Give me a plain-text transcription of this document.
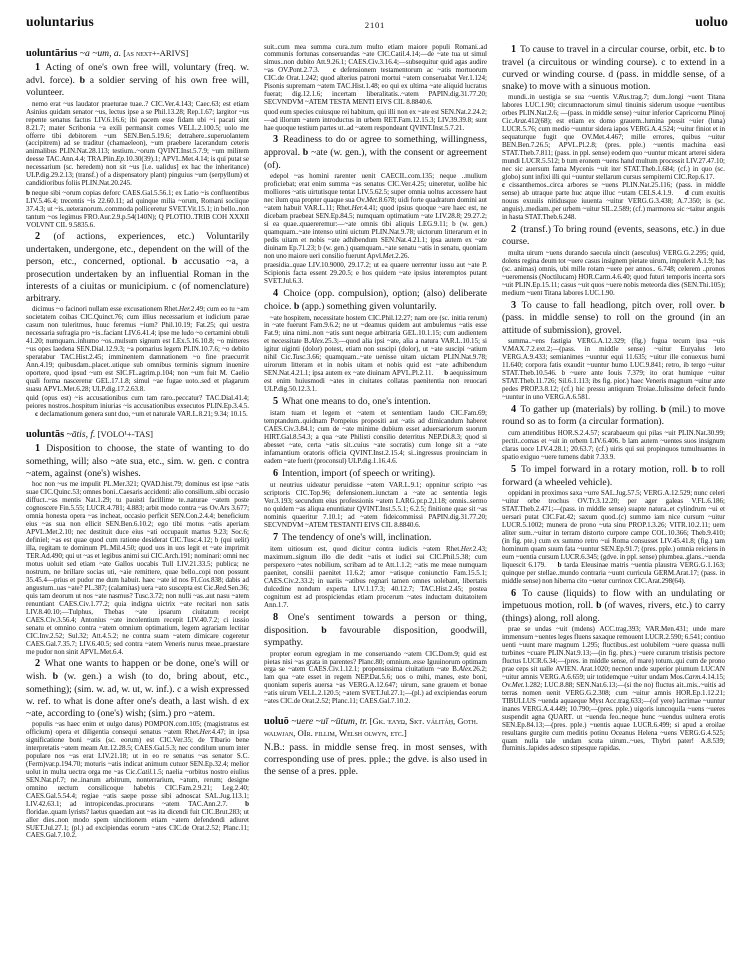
uoluntarius	uoluo
2101

uoluntārius ~a ~um, a. [as next+-ARIVS]

1 Acting of one's own free will, voluntary (freq. w. advl. force). b a soldier serving of his own free will, volunteer.

nemo erat ~us laudator praeturae tuae..? CIC.Ver.4.143; Caec.63; est etiam Asinius quidam senator ~us, lectus ipse a se Phil.13.28; Rep.1.67; largitor ~us repente senatus factus LIV.6.16.6; ibi pacem esse fidam ubi ~i pacati sint 8.21.7; mater Scribonia ~a exili permansit comes VELL.2.100.5; uolo me offerre tibi debitorem ~um SEN.Ben.5.19.6; detrahere..superuolantem (accipitrem) ad se traditur (chamaeleon), ~um praebere lacerandum ceteris animalibus PLIN.Nat.28.113; testium..~orum QVINT.Inst.5.7.9; ~um militem deesse TAC.Ann.4.4; TRA.Plin.Ep.10.30(39).1; APVL.Met.4.14; is qui putat se necessarium (sc. heredem) non sit ~us [i.e. ualidus] ex hac the inheritance) ULP.dig.29.2.13; (transf.) of a dispensatory plant) pinguius ~um (serpyllum) et candidioribus foliis PLIN.Nat.20.245.

b neque sibi ~orum copias deforc CAES.Gal.5.56.1; ex Latio ~is confluentibus LIV.5.46.4; trecentis ~is 22.60.11; ad quinque milia ~orum, Romani sociique 37.4.3; ut ~is..ueteranorum..commoda polliceretur SVET.Vit.15.1; in bello..non tantum ~os legimus FRO.Aur.2.9.p.54(140N); Q PLOTIO..TRIB COH XXXII VOLVNT CIL 9.5835.6.

2 (of actions, experiences, etc.) Voluntarily undertaken, undergone, etc., dependent on the will of the person, etc., concerned, optional. b accusatio ~a, a prosecution undertaken by an influential Roman in the interests of a ciuitas or municipium. c (of nomenclature) arbitrary.

dicimus ~o facinori nullam esse excusationem Rhet.Her.2.49; cum eo tu ~am societatem coibas CIC.Quinct.76; cum illius necessarium et iudicium parae casum non tuleritmus, huuc feremus ~ium? Phil.10.19; Fat.25; qui uestra necessaria sufragia pro ~is..faciant LIV.6.41.4; ipse me ludo ~o certamini obtuli 41.20; numquam..inhumo ~os..mulsum signum est LEx.5.16.10.8; ~o mitteres ~us opes laedena SEN.Dial.12.9.3; ~a pomarius legem PLIN.10.7.6; ~o debito speratabur TAC.Hist.2.45; imminentem damnationem ~o fine praecurrit Ann.4.19; quibusdam..placet..utique sub omnibus terminis signum inuenire oportere, quod ipsud ~um est SIC.FL.agrim.p.104; non ~um fuit M. Caelio quali forma nasceretur GEL.17.1.8; simul ~ae fugae uoto..sed et plagarum suasu APVL.Met.6.28; ULP.dig.17.2.63.8.

quid (opus est) ~is accusationibus cum tam raro..peccatur? TAC.Dial.41.4; peiores nostros..hospitum iniurias ~is accusationibus exsecutos PLIN.Ep.3.4.5. c declamationum genera sunt duo, ~um et naturale VAR.L.8.21; 9.34; 10.15.

uoluntās ~ātis, f. [VOLO¹+-TAS]

1 Disposition to choose, the state of wanting to do something, will; also ~ate sua, etc., sim. w. gen. c contra ~atem, against (one's) wishes.

hoc non ~us me impulit PL.Mer.321; QVAD.hist.79; dominus est ipse ~atis suae CIC.Quinc.53; omnes boni..Caesaris accidenti: alio consilium..sibi occasio diffuct..~as mentis Nat.1.29; tu pauisti facillime te..naturae ~atem poste cognoscere Fin.5.55; LUCR.4.781; 4.883; arbit modo contra ~as Ov.Ars 3.677; omnia honesta opera ~as incheat, occasio perficit SEN.Con.2.4.4; beneficium eius ~as sua non ellicit SEN.Ben.6.10.2; ego tibi motus ~atis aperiam APVL.Met.2.10; nec destituit duce eius ~ati occupauit martus 9.23; Soc.6; definiel; ~as est quae quod cum ratione desiderat CIC.Tusc.4.12; b (qui uelit) illa, regitam te dominum PL.Mil.4.50; quod uos in uos legit et ~ate imprimit TER.Ad.490; qui ut ~as et legibus animi sui CIC.Arch.191; nominari: omni nec motus uoluit sed etiam ~ate Gallos uocabis Tull LIV.21.33.5; publica; ne nostrum, ne brillare socias uti, ~aie remittere, quae bello..copi non possunt 35.45.4—prius et pudor me dum habuit. haec ~ate id nos Fl.Cos.838; dabis ad angustum..uas ~ate? PL.387; (calamitas) uera ~ato suscepta est Cic.Red.Sen.36; quis tam deorum ut nos ~ate nasmus? Tusc.3.72; non nulli ~as..aut nasu ~atem renuntiant CAES.Civ.1.77.2; quia indigna uictrix ~ate recitari non satis LIV.8.40.10;—Tulphus, Thebas ~ate ipsarum ciuitatum receipt CAES.Civ.3.56.4; Antonius ~ate incolentium recepit LIV.40.7.2; ci iussio senatu et omnino contra ~atem omnium optimatium, legem agrariam lectitar CIC.Inv.2.52; Sul.32; Att.4.5.2; ne contra suam ~atem dimicare cogeretur CAES.Gal.7.35.7; LIV.6.40.5; sed contra ~atem Veneris nurus meae..praestare me pudor non sinit APVL.Met.6.4.

2 What one wants to happen or be done, one's will or wish. b (w. gen.) a wish (to do, bring about, etc., something); (sim. w. ad, w. ut, w. inf.). c a wish expressed w. ref. to what is done after one's death, a last wish. d ex ~ate, according to (one's) wish; (sim.) pro ~atem.

populis ~as haec enim et uulgo datus) POMPON.com.105; (magistratus est officium) opera et diligentia consequi senatus ~atem Rhet.Her.4.47; in ipsa significatione boni ~atis (sc. eorum) est CIC.Ver.35; de Tlbario bene interpretatis ~atem meam Att.12.28.5; CAES.Gal.5.3; nec condilum unum inter populare nos ~as erat LIV.21.18; ut in eo re senatus ~as senator S.C.(Ferm)var.p.194.70; moturis ~atis indicat animum cutuor SEN.Ep.32.4; melior uolut in multa uectra orga me ~as Cic.Catil.1.5; naelia ~orbitus nostro eiulius SEN.Nat.pf.7; ne..inarum arbitrum, nonterrarium, ~atum, rerum; designe omnino uectum consilicoque habebis CIC.Fam.2.9.21; Leg.2.40; CAES.Gal.5.54.4; regiae ~atis saepe posse sibi adnoscat SAL.Jug.113.1; LIV.42.63.1; ad intropicendas..procurans ~atem TAC.Ann.2.7. b floridae..quam lyrists? laetus quaedam aut ~as ita dicendi fuit CIC.Brut.283; ut aller dies..non modo spem uincitionem etiam ~atem defendendi adiuret SUET.Jul.27.1; (pl.) ad excipiendas eorum ~ates CIC.de Orat.2.52; Planc.11; CAES.Gal.7.10.2.

suit..cum mea summa cura..tum multo etiam maiore populi Romani..ad communis fortunas conseruandas ~ate CIC.Catil.4.14;—de ~ate tua ut simul simus..non dubito Att.9.26.1; CAES.Civ.3.16.4;—subsequitur quid agas audire ~as OV.Pont.2.7.3. c defensionem testamentorum ac ~atis mortuorum CIC.de Orat.1.242; quod alterius patroni mortui ~atem conseruabat Ver.1.124; Pisonis supremam ~atem TAC.Hist.1.48; eo qui ex ultima ~ate aliquid lucratus fuerat; dig.12.1.6; incertam liberalitatis..~atem PAPIN.dig.31.77.20; SECVNDVM ~ATEM TESTA MENTI EIVS CIL 8.8840.6.

quod eum species cuiusque rei habitum, qui illi non ex ~ate est SEN.Nat.2.24.2;—ad illorum ~atem introductus in urbem RET.Fam.12.15.3; LIV.39.39.8; sunt hae quoque testium partes ut..ad ~atem respondeant QVINT.Inst.5.7.21.

3 Readiness to do or agree to something, willingness, approval. b ~ate (w. gen.), with the consent or agreement (of).

edepol ~as homini rarenter uenit CAECIL.com.135; neque ..mulium proficiebat; erat enim summa ~as senatus CIC.Ver.4.25; uineretur, uolibe hic molliores ~atis uirtutisque tentat LIV.5.62.5; super omnia uoltus accessere haut nec ilum qua propter quaque sua Ov.Met.8.678; uidi forte quadratum domini aut ~atem habuit VAR.L.11; Rhet.Her.4.41; quod ipsius quoque ~are haec est, ne dicebam praebeat SEN.Ep.84.5; numquam optimatium ~ate LIV.28.8; 29.27.2; si ea quae..quaereremur:—~ate omnis tibi aliquis LEG.9.11; b (w. gen.) quamquam..~ate intenso utini uictum PLIN.Nat.9.78; uictorum litterarum et in pedis uitam et nobis ~ate adhibendum SEN.Nat.4.21.1; ipsa autem ex ~ate diuinam Ep.71.23; b (w. gen.) quamquam..~ate senatu ~atis in senatu, quoniam non uno maiore ueri consilio fuerunt Apvl.Met.2.26.

praesidia..quae LIV.10.9000, 29.17.2; ut ea quaere uerrentur iussu aut ~ate P. Scipionis facta essent 29.20.5; e hos quidem ~ate ipsius interemptos putant SVET.Jul.6.3.

4 Choice (opp. compulsion), option; (also) deliberate choice. b (app.) something given voluntarily.

~ate hospitem, necessitate hostem CIC.Phil.12.27; nam ore (sc. initia rerum) in ~ate fuerunt Fam.9.6.2; ne ut ~deamus quidem aut ambulemus ~atis esse Fat.9; uina nimi..non ~atis sunt neque arbitraria GEL.10.1.15; cum audientem et necessitate B.Alex.25.3;—quod alia ipsi ~ate, alia a natura VAR.L.10.15; si igitur uiginti (dolor) potest, etiam non suscipi (dolor), ut ~ate suscipi ~atium nihil Cic.Tusc.3.66; quamquam..~ate uenisse uitam uictam PLIN.Nat.9.78; uirorum litteram et in nobis uitam et nobis quid est ~ate adhibendum SEN.Nat.4.21.1; ipsa autem ex ~ate diuinam APVL.Pl.2.11. b aequissimum est enim huiusmodi ~ates in ciuitates collatas paenitentia non reuocari ULP.dig.50.12.3.1.

5 What one means to do, one's intention.

istam tuam et legem et ~atem et sententiam laudo CIC.Fam.69; temptandum..quidnam Pompeius propositi aut ~atis ad dimicandum haberet CAES.Civ.3.84.1; cum de ~ate minime dubium esset aduersariorum suorum HIRT.Gal.8.54.3; a qua ~ate Philisti consilio deterritus NEP.Di.8.3; quod si abesset ~ate, certa ~atis sit..cuius ~ate socratis) cum longe sit a ~ate infamantium oratoris officia QVINT.Inst.2.15.4; si..ingressus prouinciam in eadem ~ate fuerit (proconsul) ULP.dig.1.16.4.6.

6 Intention, import (of speech or writing).

ut neutrius uideatur peruidisse ~atem VAR.L.9.1; oppnitur scripto ~as scriptoris CIC.Top.96; defensionem..iunctam a ~ate ac sententia legis Ver.3.193; secundum eius professionis ~atem LARG.pr.p.2,l.18; omnis..sermo no quidem ~as aliqua enuntiatur QVINT.Inst.5.5.1; 6.2.5; finitione quae sit ~as nominis quaeritur 7.10.1; ad ~atem fideicommissi PAPIN.dig.31.77.20; SECVNDVM ~ATEM TESTANTI EIVS CIL 8.8840.6.

7 The tendency of one's will, inclination.

item uitiosum est, quod dicitur contra iudicis ~atem Rhet.Her.2.43; maximum..signum illo die dedit ~atis et iudici sui CIC.Phil.5.38; cum perspexero ~ates nobilium, scribam ad te Att.1.1.2; ~atis me meae numquam paenitet, consilii paenitet 11.6.2; amor ~atisque coniunctio Fam.15.5.1; CAES.Civ.2.33.2; in uariis ~atibus regnari tamen omnes uolebant, libertatis dulcedine nondum experta LIV.1.17.3; 40.12.7; TAC.Hist.2.45; postea cognitum est ad prospiciendas etiam procerum ~ates inductam duitatoitem Ann.1.7.

8 One's sentiment towards a person or thing, disposition. b favourable disposition, goodwill, sympathy.

propter eorum egregiam in me conseruando ~atem CIC.Dom.9; quid est pietas nisi ~as grata in parentes? Planc.80; omnium..esse Iguuinorum optimam erga se ~atem CAES.Civ.1.12.1; propensissima ciuitatium ~ate B.Alex.26.2; lam qua ~ate esset in regem NEP.Dat.5.6; uos o mihi, manes, este boni, quoniam superis auersa ~as VERG.A.12.647; uirum, sane grauem et bonae ~atis uirum VELL.2.120.5; ~atem SVET.Jul.27.1;—(pl.) ad excipiendas eorum ~ates CIC.de Orat.2.52; Planc.11; CAES.Gal.7.10.2.

uoluō ~uere ~uī ~ūtum, tr. [Gk. ἐλύω, Skt. válitáḥ, Goth. walwjan, OIr. fillim, Welsh olwyn, etc.]

N.B.: pass. in middle sense freq. in most senses, with corresponding use of pres. pple.; the gdve. is also used in the sense of a pres. pple.

1 To cause to travel in a circular course, orbit, etc. b to travel (a circuitous or winding course). c to extend in a curved or winding course. d (pass. in middle sense, of a snake) to move with a sinuous motion.

mundi..in uestigia se sua ~uentis V.Rus.trag.7; dum..longi ~uent Titana labores LUC.1.90; circumnactorum simul tinuinis siderum usoque ~uentibus orbes PLIN.Nat.2.6; —(pass. in middle sense) ~uitur inferior Capricornu Plinoj Cic.Arat.412(68); est etiam ex domo grauem..lumina possit ~uier (luna) LUCR.5.76; cum medio ~uuntur sidera iapos VERG.A.4.524; ~uitur finiot et in sequaturque fugit que OV.Met.4.467; mille errores, quibus ~uitur BEN.Ben.7.26.5; APVL.Pl.2.8; (pres. pple.) ~uentis machina easi STAT.Theb.7.811; (pass. in ppl. sense) eodem quo ~uuntur micant arterei sidera mundi LUCR.5.512; b tum eronem ~uens hand multum processit LIV.27.47.10; nec sic auersum fama Mycenis ~uit iter STAT.Theb.1.684; (cf.) in quo (sc. globo) sunt infixi illi qui ~uuntur stellarum cursus sempiterni CIC.Rep.6.17. c cissanthemos..circa arbores se ~uens PLIN.Nat.25.116; (pass. in middle sense) ab utraque parte huc atque illuc ~utam CELS.4.1.9. d cum exuitis nouus exuuiis nitidusque iuuenta ~uitur VERG.G.3.438; A.7.350; is (sc. anguis)..mediam..per urbem ~uitur SIL.2.589; (cf.) marmorea sic ~taitur anguis in hasta STAT.Theb.6.248.

2 (transf.) To bring round (events, seasons, etc.) in due course.

multa uirum ~uens durando saecula uincit (aesculus) VERG.G.2.295; quid, dolens regina deum tot ~uere casus insignem pietate uirum, impulerit A.1.9; has (sc. animas) omnis, ubi mille rotam ~uere per annos.. 6.748; celerem ..pronos ~ueremensis (Noctilucam) HOR.Carm.4.6.40; quod futuri temporis incerta sors ~uit PLIN.Ep.15.11; casus ~uit quos ~uere nobis meteorda dies (SEN.Thi.105); medium ~uent Titana labores LUC.1.90.

3 To cause to fall headlong, pitch over, roll over. b (pass. in middle sense) to roll on the ground (in an attitude of submission), grovel.

summa..~ens fastigia VERG.A.12.329; (fig.) fugua tecum ipsa ~uis V.MAX.7.2.ext.2;—(pass. in middle sense) ~uitur Euryalus leto VERG.A.9.433; semianimes ~uuntur equi 11.635; ~uitur ille conuexus humi 11.640; corpora fatis exaudit ~uuntur humo LUC.9.841; retro, ib tergo ~uitur STAT.Theb.10.546. b ~uere ante Iouis 7.379; ito orat humique ~uitur STAT.Theb.11.726; Sil.6.1.113; ibs fig. pior.) haec Veneris magnum ~uitur ante pedes PROP.3.8.12; (cf.) hic pressu antiquum Troiae..Iulissime defecit fundo ~uuntur in uno VERG.A.6.581.

4 To gather up (materials) by rolling. b (mil.) to move round so as to form (a circular formation).

cum attenditibus HOR.S.2.4.57; scarabaeum qui pilas ~uit PLIN.Nat.30.99; pectit..comas et ~uit in orbem LIV.6.406. b lam autem ~uentes suos insignum claras uoce LIV.4.28.1; 20.63.7; (cf.) uiris qui sui propinquos tumultuantes in spatio exiguo ~uere tumens dabit 7.33.9.

5 To impel forward in a rotary motion, roll. b to roll forward (a wheeled vehicle).

oppidani in proximos saxa ~urre SAL.Jug.57.5; VERG.A.12.529; nunc celeri ~uitur orbe trochus OV.Tr.3.12.20; per ager galeas V.FL.6.186; STAT.Theb.2.471;—(pass. in middle sense) suapte natura..et cylindrum ~ui et uersari putat CIC.Fat.42; saxum quod..(c) summo iam nice cursum ~uitur LUCR.5.1002; munera de prono ~uta sinu PROP.1.3.26; VITR.10.2.11; uem aliter sum..~uitur in terram distorto curpore campe COL.10.366; Theb.9.410; (in fig. pte.) cum ex summo retro ~ui Roma consusset LIV.45.41.8; (fig.) tam hominum quam suum fata ~uuntur SEN.Ep.91.7; (pres. pple.) omnia reiciens in eum ~uentia cursum LUCR.6.345; (gdve. in ppl. sense) plumbea..glans..~uenda liquescit 6.179. b tarda Eleusinae matris ~uentia plaustra VERG.G.1.163; quinque per stellae..mundo contraria ~uunt curricula GERM.Arat.17; (pass. in middle sense) non hiberna cito ~uetur currinox CIC.Arat.298(64).

6 To cause (liquids) to flow with an undulating or impetuous motion, roll. b (of waves, rivers, etc.) to carry (things) along, roll along.

prae se undas ~uit (mdens) ACC.trag.393; VAR.Men.431; unde mare immensum ~uentes leges fluens saxaque remouent LUCR.2.590; 6.541; contiuo uenti ~uunt mare magnum 1.295; fluctibus..est uolubilem ~uere quassa nulli turbines ~cuare PLIN.Nat.9.13;—(in fig. phrs.) ~uere curarum tristisis pectore fluctus LUCR.6.34;—(pres. in middle sense, of mare) totum..qui cum de prono prae ceps sit ualle AVIEN. Arat.1020; necnon unde superior piumum LUCAN ~uitur amnis VERG.A.6.659; uir totidemque ~uitur undam Mos.Carm.4.14.15; Ov.Met.1.282; LUC.8.88; SEN.Nat.6.13;—(si the no) fluctus ait..mis..~uitis ad terras nomen uenit VERG.G.2.308; cum ~uitur amnis HOR.Ep.1.12.21; TIBULLUS ~uenda aquaeque Myst Acc.trag.633;—(of yere) lacrimae ~uuntur inanes VERG.A.4.449; 10.790;—(pres. pple.) uigoris iuncoquila ~uens ~ueres suspendit agna QUART. ut ~uenda feo..neque hunc ~uendus uulnera erotis SEN.Ep.84.13;—(pres. pple.) ~uentis aquae LUCR.6.499; si apud a eroilae resultans gurgite cum meditis potinu Oceanus Helena ~uens VERG.G.4.525; quam nulla tale undam scuta uirum..~ues, Thybri pater! A.8.539; fluminis..lapides adesco stipesque rapidas.
